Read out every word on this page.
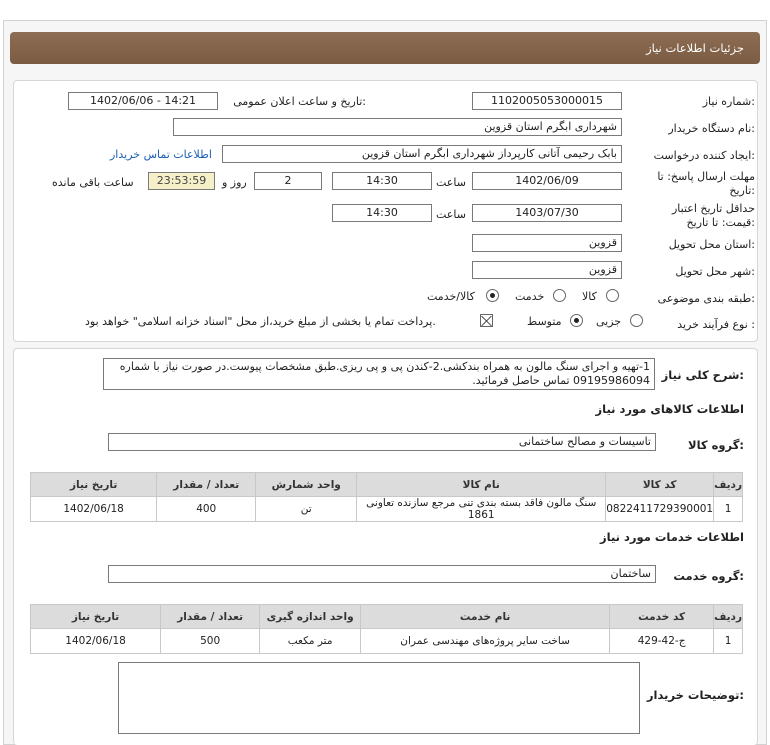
جزئیات اطلاعات نیاز
شماره نیاز:
1102005053000015
تاریخ و ساعت اعلان عمومی:
1402/06/06 - 14:21
نام دستگاه خریدار:
شهرداری ابگرم استان قزوین
ایجاد کننده درخواست:
بابک رحیمی آتانی کارپرداز شهرداری ابگرم استان قزوین
اطلاعات تماس خریدار
مهلت ارسال پاسخ: تا
تاریخ:
1402/06/09
ساعت
14:30
2
روز و
23:53:59
ساعت باقی مانده
حداقل تاریخ اعتبار
قیمت: تا تاریخ:
1403/07/30
ساعت
14:30
استان محل تحویل:
قزوین
شهر محل تحویل:
قزوین
طبقه بندی موضوعی:
کالا
خدمت
کالا/خدمت
نوع فرآیند خرید :
جزیی
متوسط
پرداخت تمام یا بخشی از مبلغ خرید،از محل "اسناد خزانه اسلامی" خواهد بود.
شرح کلی نیاز:
1-تهیه و اجرای سنگ مالون به همراه بندکشی.2-کندن پی و پی ریزی.طبق مشخصات پیوست.در صورت نیاز با شماره 09195986094 تماس حاصل فرمائید.
اطلاعات کالاهای مورد نیاز
گروه کالا:
تاسیسات و مصالح ساختمانی
ردیف	کد کالا	نام کالا	واحد شمارش	تعداد / مقدار	تاریخ نیاز
1	0822411729390001	سنگ مالون فاقد بسته بندی تنی مرجع سازنده تعاونی 1861	تن	400	1402/06/18
اطلاعات خدمات مورد نیاز
گروه خدمت:
ساختمان
ردیف	کد خدمت	نام خدمت	واحد اندازه گیری	تعداد / مقدار	تاریخ نیاز
1	ج-42-429	ساخت سایر پروژه‌های مهندسی عمران	متر مکعب	500	1402/06/18
توضیحات خریدار:
